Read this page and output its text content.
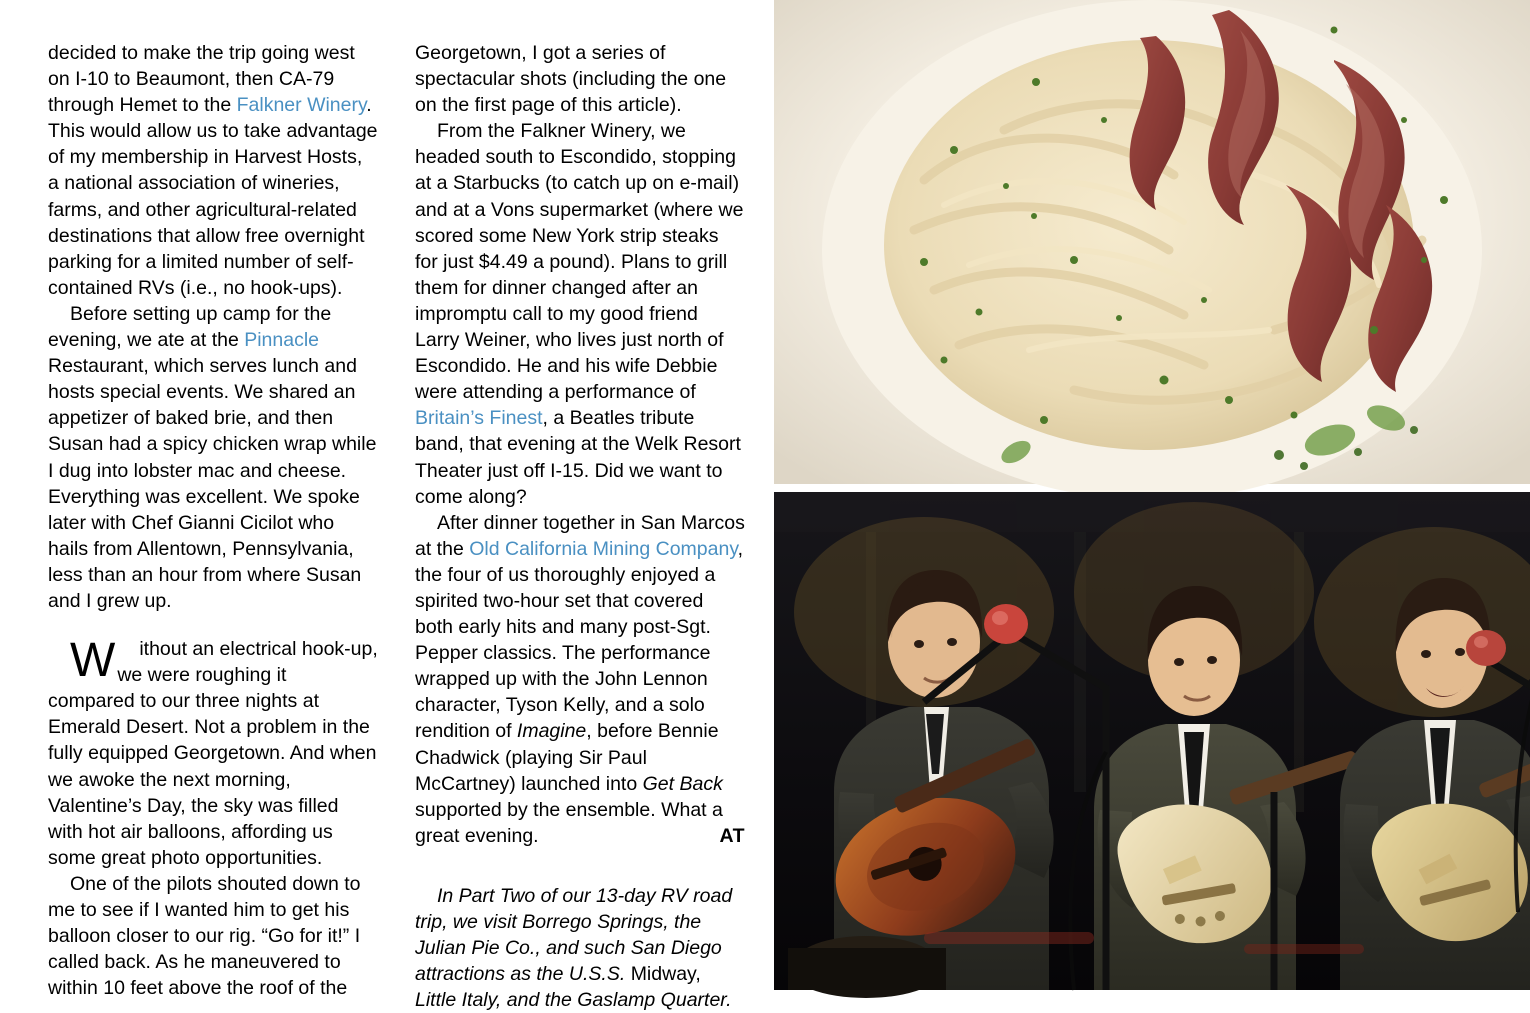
decided to make the trip going west on I-10 to Beaumont, then CA-79 through Hemet to the Falkner Winery. This would allow us to take advantage of my membership in Harvest Hosts, a national association of wineries, farms, and other agricultural-related destinations that allow free overnight parking for a limited number of self-contained RVs (i.e., no hook-ups).

Before setting up camp for the evening, we ate at the Pinnacle Restaurant, which serves lunch and hosts special events. We shared an appetizer of baked brie, and then Susan had a spicy chicken wrap while I dug into lobster mac and cheese. Everything was excellent. We spoke later with Chef Gianni Cicilot who hails from Allentown, Pennsylvania, less than an hour from where Susan and I grew up.

W ithout an electrical hook-up, we were roughing it compared to our three nights at Emerald Desert. Not a problem in the fully equipped Georgetown. And when we awoke the next morning, Valentine’s Day, the sky was filled with hot air balloons, affording us some great photo opportunities.

One of the pilots shouted down to me to see if I wanted him to get his balloon closer to our rig. “Go for it!” I called back. As he maneuvered to within 10 feet above the roof of the

Georgetown, I got a series of spectacular shots (including the one on the first page of this article).

From the Falkner Winery, we headed south to Escondido, stopping at a Starbucks (to catch up on e-mail) and at a Vons supermarket (where we scored some New York strip steaks for just $4.49 a pound). Plans to grill them for dinner changed after an impromptu call to my good friend Larry Weiner, who lives just north of Escondido. He and his wife Debbie were attending a performance of Britain’s Finest, a Beatles tribute band, that evening at the Welk Resort Theater just off I-15. Did we want to come along?

After dinner together in San Marcos at the Old California Mining Company, the four of us thoroughly enjoyed a spirited two-hour set that covered both early hits and many post-Sgt. Pepper classics. The performance wrapped up with the John Lennon character, Tyson Kelly, and a solo rendition of Imagine, before Bennie Chadwick (playing Sir Paul McCartney) launched into Get Back supported by the ensemble. What a great evening.	AT

In Part Two of our 13-day RV road trip, we visit Borrego Springs, the Julian Pie Co., and such San Diego attractions as the U.S.S. Midway, Little Italy, and the Gaslamp Quarter.
